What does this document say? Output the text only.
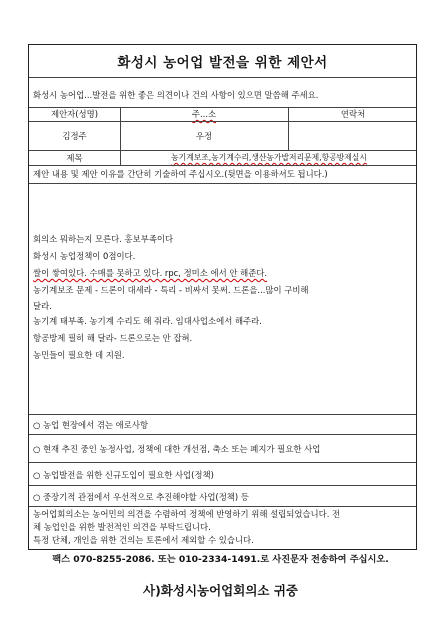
화성시 농어업 발전을 위한 제안서
화성시 농어업...발전을 위한 좋은 의견이나 건의 사항이 있으면 말씀해 주세요.
제안자(성명)	주...소	연락처
김정주	우정
제목	농기계보조,농기계수리,생산농가밥저리문제,항공방제실시
제안 내용 및 제안 이유를 간단히 기술하여 주십시오.(뒷면을 이용하셔도 됩니다.)
회의소 뭐하는지 모른다. 홍보부족이다
화성시 농업정책이 0점이다.
쌀이 쌓여있다. 수매를 못하고 있다. rpc, 정미소 에서 안 해준다.
농기계보조 문제 - 드론이 대세라 - 특리 - 비싸서 못써. 드론을...많이 구비해
달라.
농기계 태부족. 농기계 수리도 해 줘라. 임대사업소에서 해주라.
항공방제 필히 해 달라- 드론으로는 안 잡혀.
농민들이 필요한 데 지원.
○ 농업 현장에서 겪는 애로사항
○ 현재 추진 중인 농정사업, 정책에 대한 개선점, 축소 또는 폐지가 필요한 사업
○ 농업발전을 위한 신규도입이 필요한 사업(정책)
○ 중장기적 관점에서 우선적으로 추진해야할 사업(정책) 등
농어업회의소는 농어민의 의견을 수렴하여 정책에 반영하기 위해 설립되었습니다. 전
체 농업인을 위한 발전적인 의견을 부탁드립니다.
특정 단체, 개인을 위한 건의는 토론에서 제외할 수 있습니다.
팩스 070-8255-2086. 또는 010-2334-1491.로 사진문자 전송하여 주십시오.
사)화성시농어업회의소 귀중
